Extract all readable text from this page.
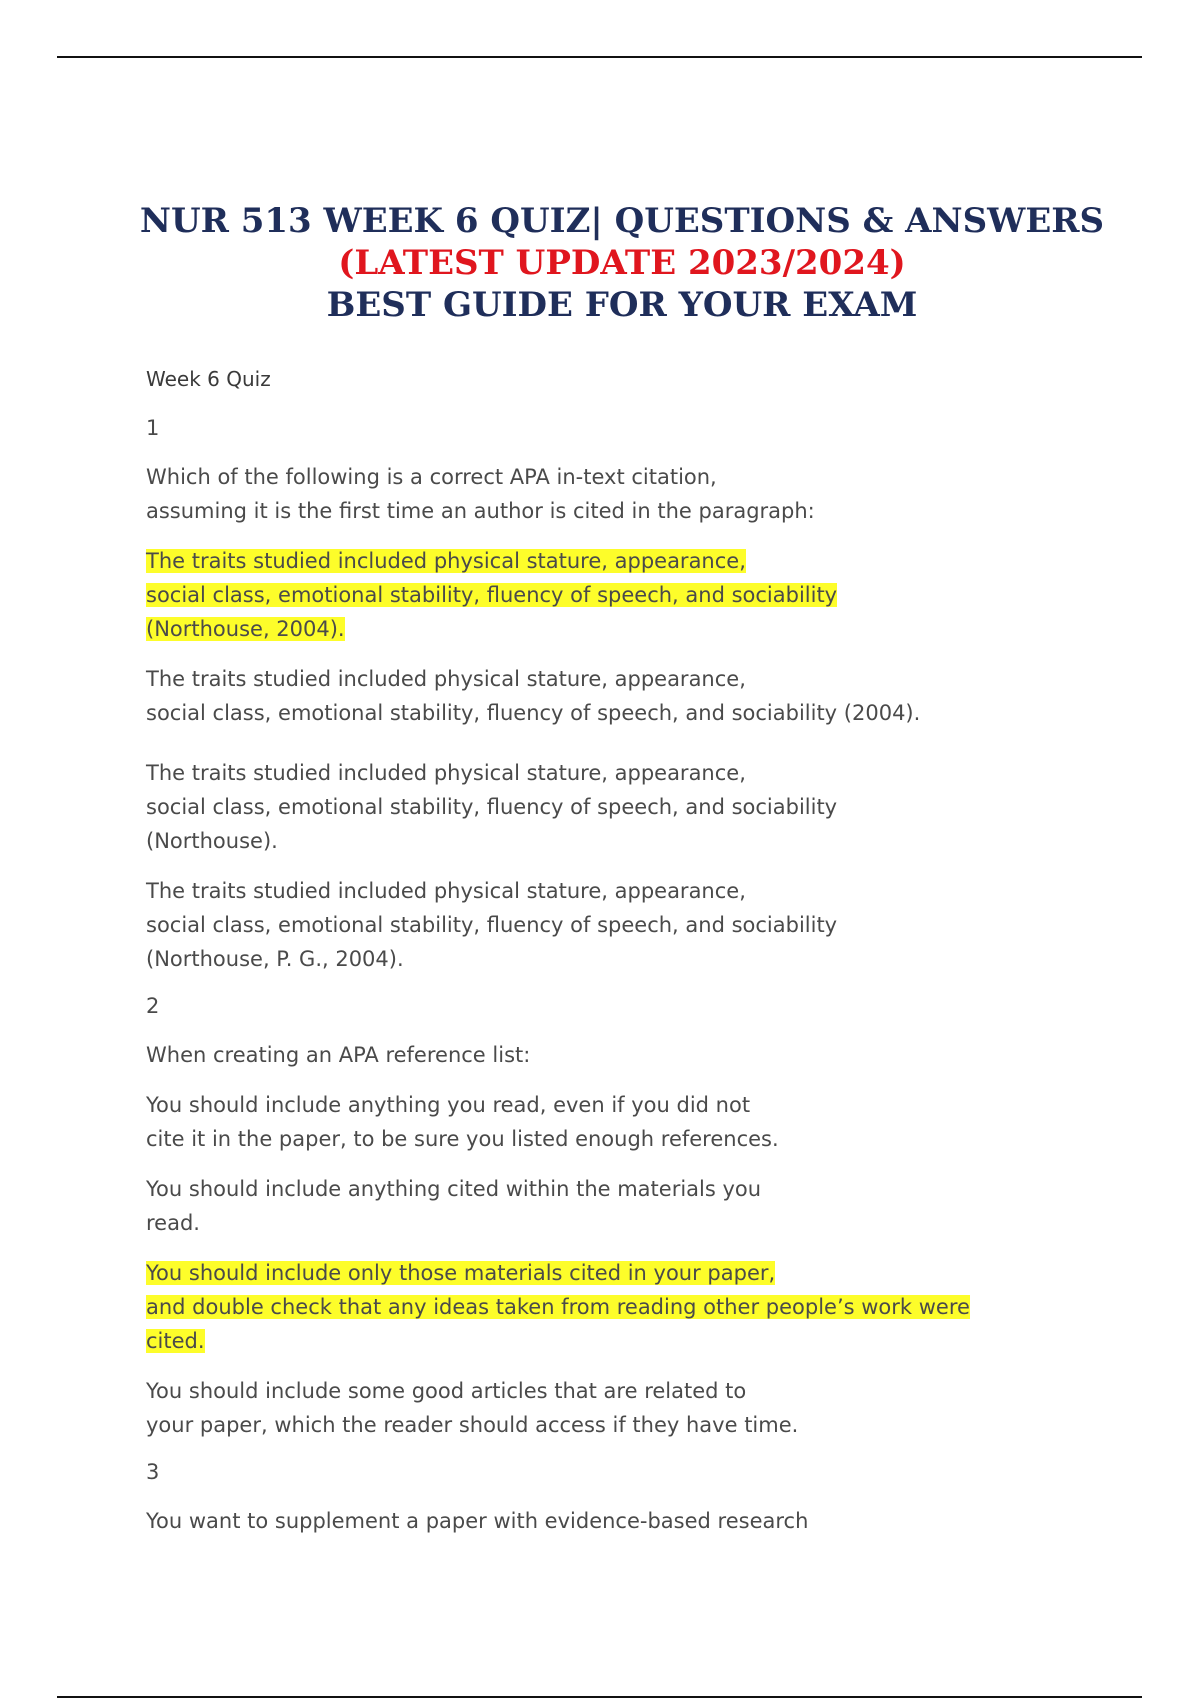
NUR 513 WEEK 6 QUIZ| QUESTIONS & ANSWERS
(LATEST UPDATE 2023/2024)
BEST GUIDE FOR YOUR EXAM
Week 6 Quiz
1
Which of the following is a correct APA in-text citation,
assuming it is the first time an author is cited in the paragraph:
The traits studied included physical stature, appearance,
social class, emotional stability, fluency of speech, and sociability
(Northouse, 2004).
The traits studied included physical stature, appearance,
social class, emotional stability, fluency of speech, and sociability (2004).
The traits studied included physical stature, appearance,
social class, emotional stability, fluency of speech, and sociability
(Northouse).
The traits studied included physical stature, appearance,
social class, emotional stability, fluency of speech, and sociability
(Northouse, P. G., 2004).
2
When creating an APA reference list:
You should include anything you read, even if you did not
cite it in the paper, to be sure you listed enough references.
You should include anything cited within the materials you
read.
You should include only those materials cited in your paper,
and double check that any ideas taken from reading other people’s work were
cited.
You should include some good articles that are related to
your paper, which the reader should access if they have time.
3
You want to supplement a paper with evidence-based research
